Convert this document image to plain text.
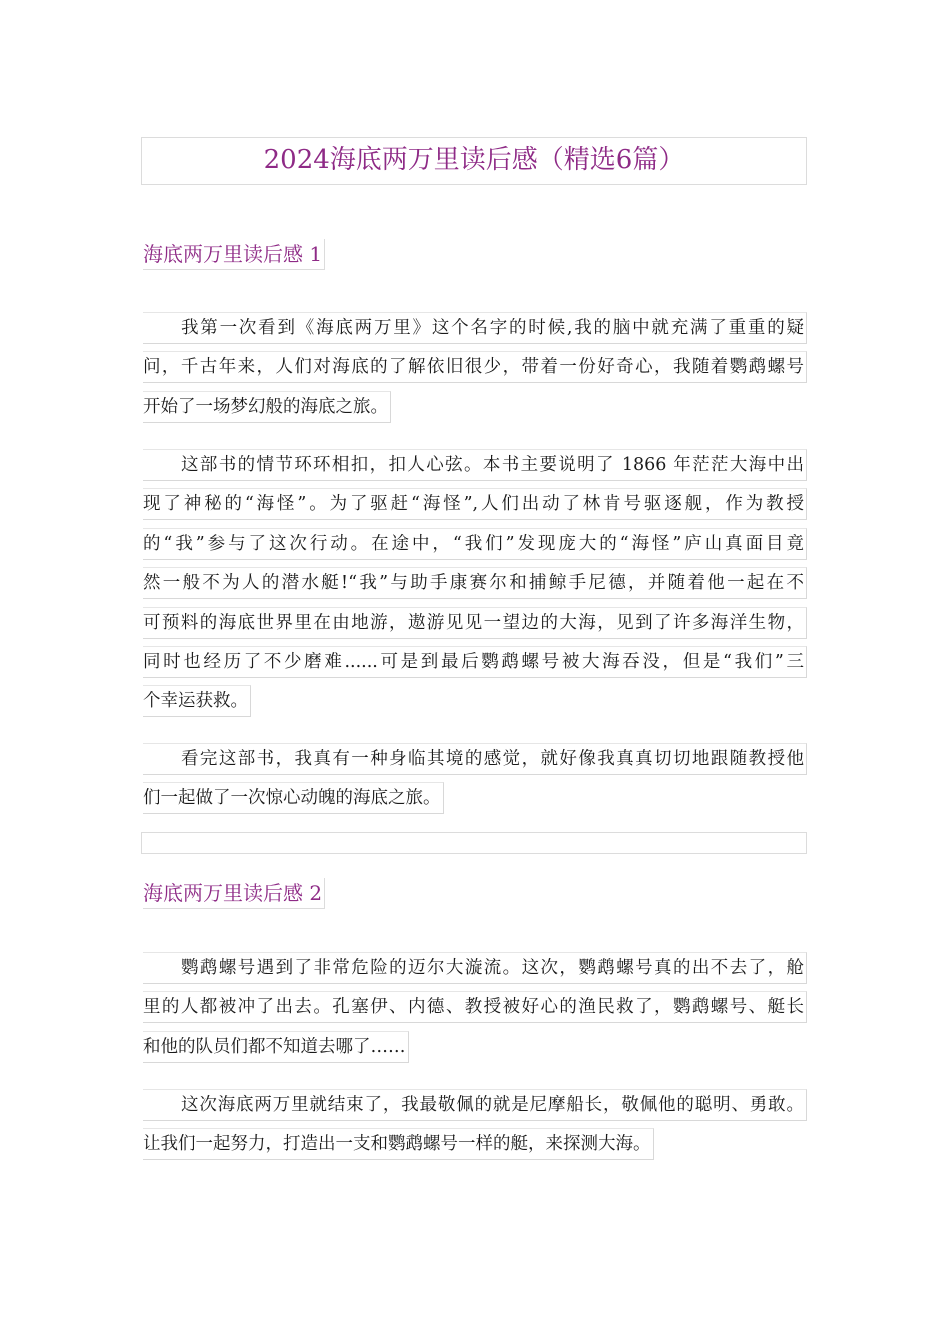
2024海底两万里读后感（精选6篇）
海底两万里读后感 1
我第一次看到《海底两万里》这个名字的时候,我的脑中就充满了重重的疑
问，千古年来，人们对海底的了解依旧很少，带着一份好奇心，我随着鹦鹉螺号
开始了一场梦幻般的海底之旅。
这部书的情节环环相扣，扣人心弦。本书主要说明了 1866 年茫茫大海中出
现了神秘的“海怪”。为了驱赶“海怪”,人们出动了林肯号驱逐舰，作为教授
的“我”参与了这次行动。在途中，“我们”发现庞大的“海怪”庐山真面目竟
然一般不为人的潜水艇!“我”与助手康赛尔和捕鲸手尼德，并随着他一起在不
可预料的海底世界里在由地游，遨游见见一望边的大海，见到了许多海洋生物，
同时也经历了不少磨难......可是到最后鹦鹉螺号被大海吞没，但是“我们”三
个幸运获救。
看完这部书，我真有一种身临其境的感觉，就好像我真真切切地跟随教授他
们一起做了一次惊心动魄的海底之旅。
海底两万里读后感 2
鹦鹉螺号遇到了非常危险的迈尔大漩流。这次，鹦鹉螺号真的出不去了，舱
里的人都被冲了出去。孔塞伊、内德、教授被好心的渔民救了，鹦鹉螺号、艇长
和他的队员们都不知道去哪了……
这次海底两万里就结束了，我最敬佩的就是尼摩船长，敬佩他的聪明、勇敢。
让我们一起努力，打造出一支和鹦鹉螺号一样的艇，来探测大海。
